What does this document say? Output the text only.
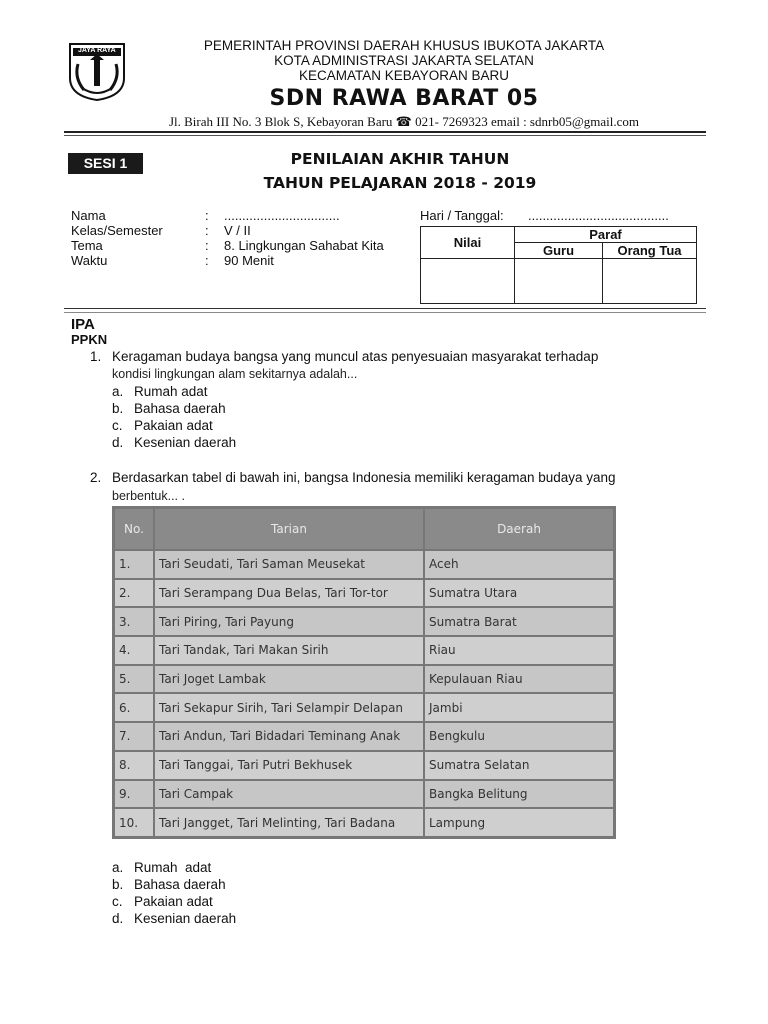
JAYA RAYA	PEMERINTAH PROVINSI DAERAH KHUSUS IBUKOTA JAKARTA
KOTA ADMINISTRASI JAKARTA SELATAN
KECAMATAN KEBAYORAN BARU
SDN RAWA BARAT 05
Jl. Birah III No. 3 Blok S, Kebayoran Baru ☎ 021- 7269323 email : sdnrb05@gmail.com
SESI 1	PENILAIAN AKHIR TAHUN
TAHUN PELAJARAN 2018 - 2019
Nama	: ................................
Kelas/Semester	: V / II
Tema	: 8. Lingkungan Sahabat Kita
Waktu	: 90 Menit
Hari / Tanggal: .......................................
Nilai	Paraf	
	Guru	Orang Tua

IPA
PPKN
1. Keragaman budaya bangsa yang muncul atas penyesuaian masyarakat terhadap
kondisi lingkungan alam sekitarnya adalah...
a. Rumah adat
b. Bahasa daerah
c. Pakaian adat
d. Kesenian daerah
2. Berdasarkan tabel di bawah ini, bangsa Indonesia memiliki keragaman budaya yang
berbentuk... .
No.	Tarian	Daerah
1.	Tari Seudati, Tari Saman Meusekat	Aceh
2.	Tari Serampang Dua Belas, Tari Tor-tor	Sumatra Utara
3.	Tari Piring, Tari Payung	Sumatra Barat
4.	Tari Tandak, Tari Makan Sirih	Riau
5.	Tari Joget Lambak	Kepulauan Riau
6.	Tari Sekapur Sirih, Tari Selampir Delapan	Jambi
7.	Tari Andun, Tari Bidadari Teminang Anak	Bengkulu
8.	Tari Tanggai, Tari Putri Bekhusek	Sumatra Selatan
9.	Tari Campak	Bangka Belitung
10.	Tari Jangget, Tari Melinting, Tari Badana	Lampung
a. Rumah  adat
b. Bahasa daerah
c. Pakaian adat
d. Kesenian daerah
